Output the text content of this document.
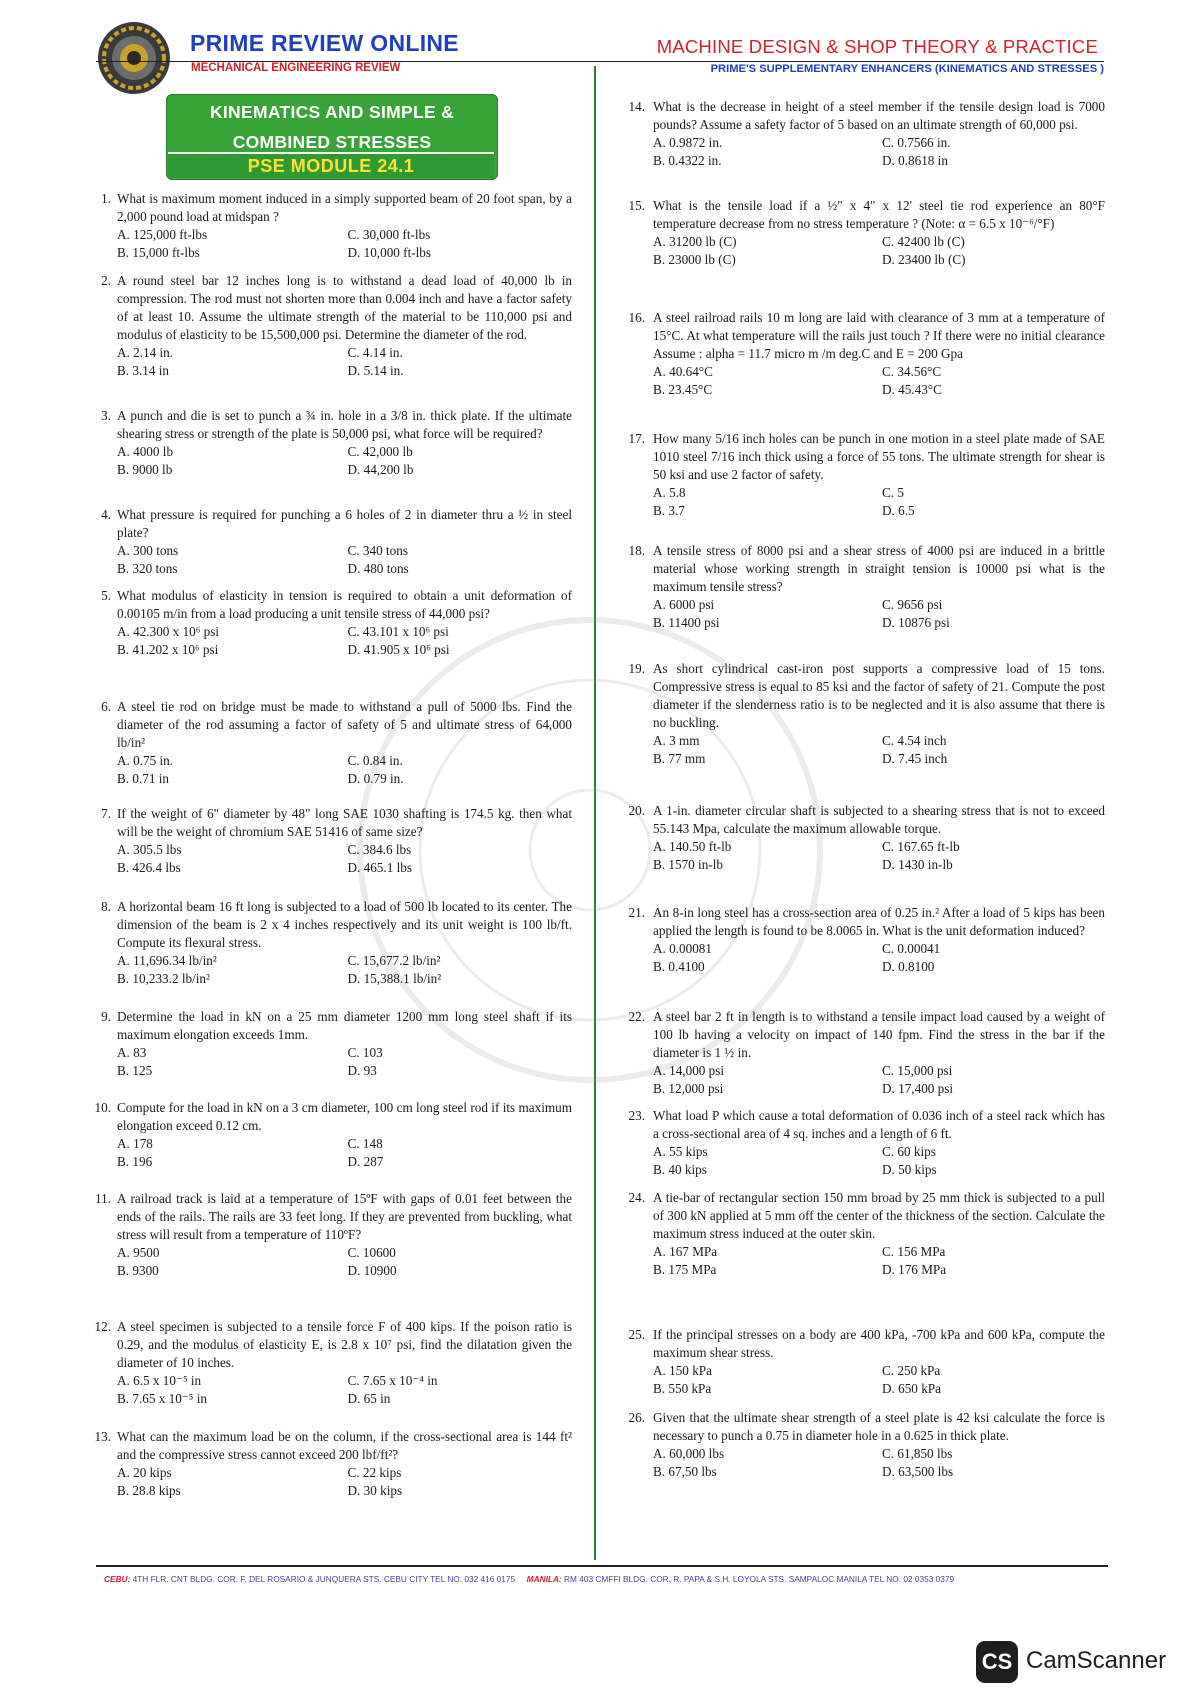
PRIME REVIEW ONLINE
MECHANICAL ENGINEERING REVIEW
MACHINE DESIGN & SHOP THEORY & PRACTICE
PRIME'S SUPPLEMENTARY ENHANCERS (KINEMATICS AND STRESSES )
KINEMATICS AND SIMPLE &
COMBINED STRESSES
PSE MODULE 24.1
1. What is maximum moment induced in a simply supported beam of 20 foot span, by a 2,000 pound load at midspan ?
A. 125,000 ft-lbs	C. 30,000 ft-lbs
B. 15,000 ft-lbs	D. 10,000 ft-lbs
2. A round steel bar 12 inches long is to withstand a dead load of 40,000 lb in compression. The rod must not shorten more than 0.004 inch and have a factor safety of at least 10. Assume the ultimate strength of the material to be 110,000 psi and modulus of elasticity to be 15,500,000 psi. Determine the diameter of the rod.
A. 2.14 in.	C. 4.14 in.
B. 3.14 in	D. 5.14 in.
3. A punch and die is set to punch a ¾ in. hole in a 3/8 in. thick plate. If the ultimate shearing stress or strength of the plate is 50,000 psi, what force will be required?
A. 4000 lb	C. 42,000 lb
B. 9000 lb	D. 44,200 lb
4. What pressure is required for punching a 6 holes of 2 in diameter thru a ½ in steel plate?
A. 300 tons	C. 340 tons
B. 320 tons	D. 480 tons
5. What modulus of elasticity in tension is required to obtain a unit deformation of 0.00105 m/in from a load producing a unit tensile stress of 44,000 psi?
A. 42.300 x 10⁶ psi	C. 43.101 x 10⁶ psi
B. 41.202 x 10⁶ psi	D. 41.905 x 10⁶ psi
6. A steel tie rod on bridge must be made to withstand a pull of 5000 lbs. Find the diameter of the rod assuming a factor of safety of 5 and ultimate stress of 64,000 lb/in²
A. 0.75 in.	C. 0.84 in.
B. 0.71 in	D. 0.79 in.
7. If the weight of 6" diameter by 48" long SAE 1030 shafting is 174.5 kg. then what will be the weight of chromium SAE 51416 of same size?
A. 305.5 lbs	C. 384.6 lbs
B. 426.4 lbs	D. 465.1 lbs
8. A horizontal beam 16 ft long is subjected to a load of 500 lb located to its center. The dimension of the beam is 2 x 4 inches respectively and its unit weight is 100 lb/ft. Compute its flexural stress.
A. 11,696.34 lb/in²	C. 15,677.2 lb/in²
B. 10,233.2 lb/in²	D. 15,388.1 lb/in²
9. Determine the load in kN on a 25 mm diameter 1200 mm long steel shaft if its maximum elongation exceeds 1mm.
A. 83	C. 103
B. 125	D. 93
10. Compute for the load in kN on a 3 cm diameter, 100 cm long steel rod if its maximum elongation exceed 0.12 cm.
A. 178	C. 148
B. 196	D. 287
11. A railroad track is laid at a temperature of 15ºF with gaps of 0.01 feet between the ends of the rails. The rails are 33 feet long. If they are prevented from buckling, what stress will result from a temperature of 110ºF?
A. 9500	C. 10600
B. 9300	D. 10900
12. A steel specimen is subjected to a tensile force F of 400 kips. If the poison ratio is 0.29, and the modulus of elasticity E, is 2.8 x 10⁷ psi, find the dilatation given the diameter of 10 inches.
A. 6.5 x 10⁻⁵ in	C. 7.65 x 10⁻⁴ in
B. 7.65 x 10⁻⁵ in	D. 65 in
13. What can the maximum load be on the column, if the cross-sectional area is 144 ft² and the compressive stress cannot exceed 200 lbf/ft²?
A. 20 kips	C. 22 kips
B. 28.8 kips	D. 30 kips
14. What is the decrease in height of a steel member if the tensile design load is 7000 pounds? Assume a safety factor of 5 based on an ultimate strength of 60,000 psi.
A. 0.9872 in.	C. 0.7566 in.
B. 0.4322 in.	D. 0.8618 in
15. What is the tensile load if a ½" x 4" x 12' steel tie rod experience an 80°F temperature decrease from no stress temperature ? (Note: α = 6.5 x 10⁻⁶/°F)
A. 31200 lb (C)	C. 42400 lb (C)
B. 23000 lb (C)	D. 23400 lb (C)
16. A steel railroad rails 10 m long are laid with clearance of 3 mm at a temperature of 15°C. At what temperature will the rails just touch ? If there were no initial clearance Assume : alpha = 11.7 micro m /m deg.C and E = 200 Gpa
A. 40.64°C	C. 34.56°C
B. 23.45°C	D. 45.43°C
17. How many 5/16 inch holes can be punch in one motion in a steel plate made of SAE 1010 steel 7/16 inch thick using a force of 55 tons. The ultimate strength for shear is 50 ksi and use 2 factor of safety.
A. 5.8	C. 5
B. 3.7	D. 6.5
18. A tensile stress of 8000 psi and a shear stress of 4000 psi are induced in a brittle material whose working strength in straight tension is 10000 psi what is the maximum tensile stress?
A. 6000 psi	C. 9656 psi
B. 11400 psi	D. 10876 psi
19. As short cylindrical cast-iron post supports a compressive load of 15 tons. Compressive stress is equal to 85 ksi and the factor of safety of 21. Compute the post diameter if the slenderness ratio is to be neglected and it is also assume that there is no buckling.
A. 3 mm	C. 4.54 inch
B. 77 mm	D. 7.45 inch
20. A 1-in. diameter circular shaft is subjected to a shearing stress that is not to exceed 55.143 Mpa, calculate the maximum allowable torque.
A. 140.50 ft-lb	C. 167.65 ft-lb
B. 1570 in-lb	D. 1430 in-lb
21. An 8-in long steel has a cross-section area of 0.25 in.² After a load of 5 kips has been applied the length is found to be 8.0065 in. What is the unit deformation induced?
A. 0.00081	C. 0.00041
B. 0.4100	D. 0.8100
22. A steel bar 2 ft in length is to withstand a tensile impact load caused by a weight of 100 lb having a velocity on impact of 140 fpm. Find the stress in the bar if the diameter is 1 ½ in.
A. 14,000 psi	C. 15,000 psi
B. 12,000 psi	D. 17,400 psi
23. What load P which cause a total deformation of 0.036 inch of a steel rack which has a cross-sectional area of 4 sq. inches and a length of 6 ft.
A. 55 kips	C. 60 kips
B. 40 kips	D. 50 kips
24. A tie-bar of rectangular section 150 mm broad by 25 mm thick is subjected to a pull of 300 kN applied at 5 mm off the center of the thickness of the section. Calculate the maximum stress induced at the outer skin.
A. 167 MPa	C. 156 MPa
B. 175 MPa	D. 176 MPa
25. If the principal stresses on a body are 400 kPa, -700 kPa and 600 kPa, compute the maximum shear stress.
A. 150 kPa	C. 250 kPa
B. 550 kPa	D. 650 kPa
26. Given that the ultimate shear strength of a steel plate is 42 ksi calculate the force is necessary to punch a 0.75 in diameter hole in a 0.625 in thick plate.
A. 60,000 lbs	C. 61,850 lbs
B. 67,50 lbs	D. 63,500 lbs
CEBU: 4TH FLR. CNT BLDG. COR. F. DEL ROSARIO & JUNQUERA STS. CEBU CITY TEL NO. 032 416 0175 MANILA: RM 403 CMFFI BLDG. COR. R. PAPA & S.H. LOYOLA STS. SAMPALOC MANILA TEL NO. 02 0353 0379
CS CamScanner
